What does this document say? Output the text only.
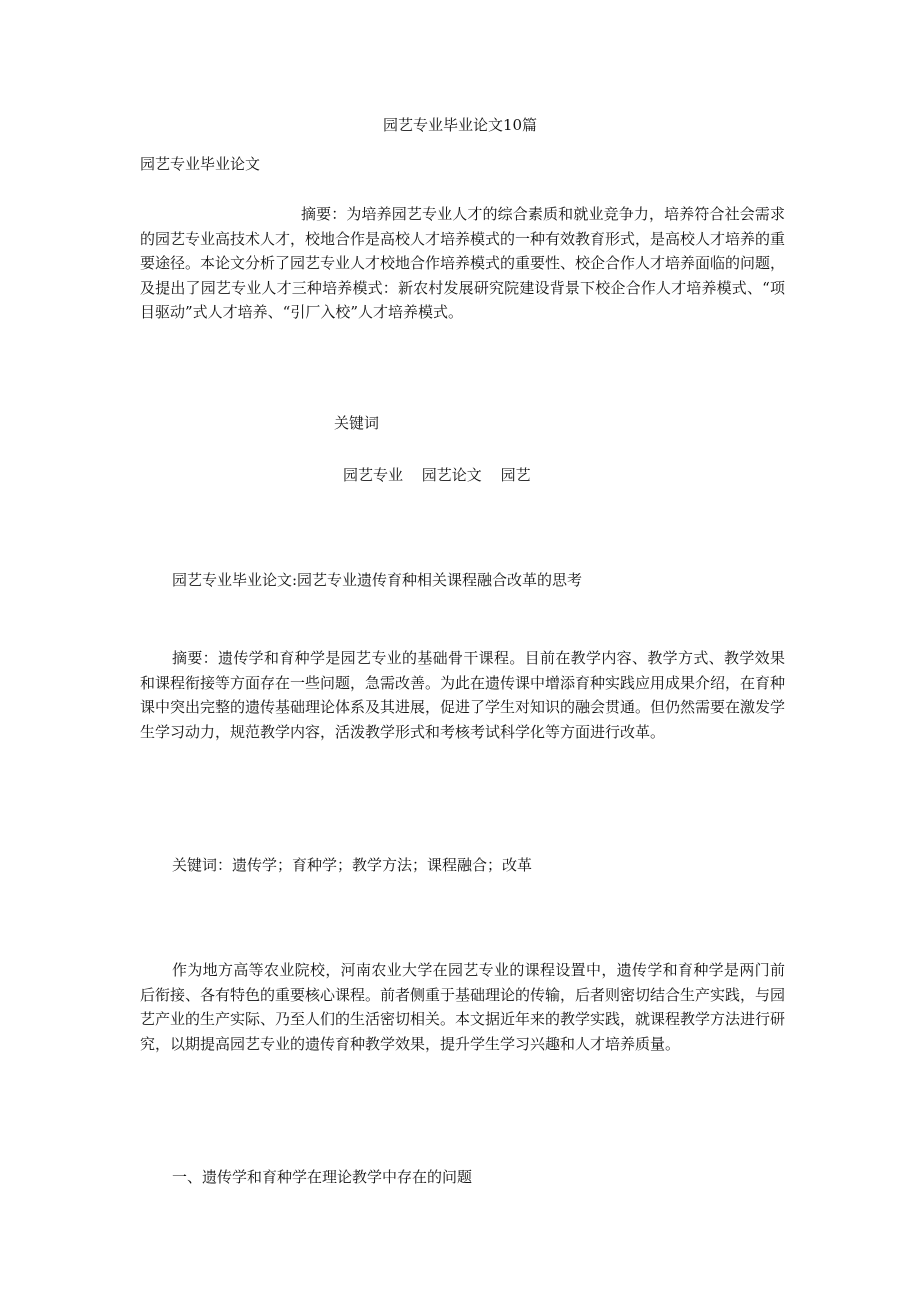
园艺专业毕业论文10篇
园艺专业毕业论文

摘要：为培养园艺专业人才的综合素质和就业竞争力，培养符合社会需求的园艺专业高技术人才，校地合作是高校人才培养模式的一种有效教育形式，是高校人才培养的重要途径。本论文分析了园艺专业人才校地合作培养模式的重要性、校企合作人才培养面临的问题，及提出了园艺专业人才三种培养模式：新农村发展研究院建设背景下校企合作人才培养模式、“项目驱动”式人才培养、“引厂入校”人才培养模式。

关键词
园艺专业 园艺论文 园艺
园艺专业毕业论文:园艺专业遗传育种相关课程融合改革的思考

摘要：遗传学和育种学是园艺专业的基础骨干课程。目前在教学内容、教学方式、教学效果和课程衔接等方面存在一些问题，急需改善。为此在遗传课中增添育种实践应用成果介绍，在育种课中突出完整的遗传基础理论体系及其进展，促进了学生对知识的融会贯通。但仍然需要在激发学生学习动力，规范教学内容，活泼教学形式和考核考试科学化等方面进行改革。

关键词：遗传学；育种学；教学方法；课程融合；改革

作为地方高等农业院校，河南农业大学在园艺专业的课程设置中，遗传学和育种学是两门前后衔接、各有特色的重要核心课程。前者侧重于基础理论的传输，后者则密切结合生产实践，与园艺产业的生产实际、乃至人们的生活密切相关。本文据近年来的教学实践，就课程教学方法进行研究，以期提高园艺专业的遗传育种教学效果，提升学生学习兴趣和人才培养质量。

一、遗传学和育种学在理论教学中存在的问题
